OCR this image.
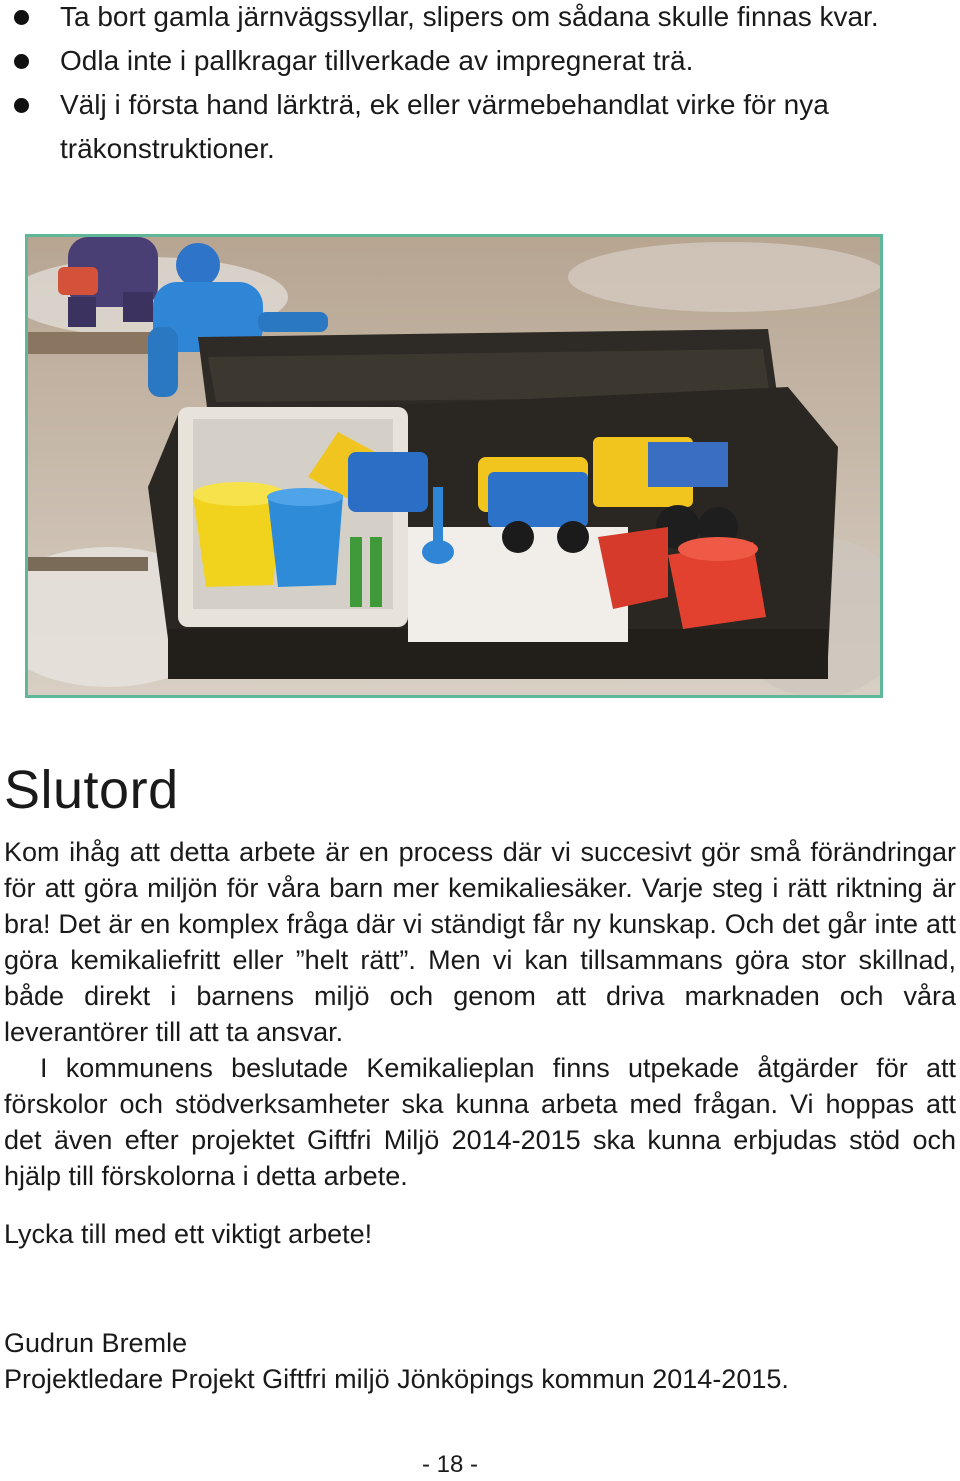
Ta bort gamla järnvägssyllar, slipers om sådana skulle finnas kvar.
Odla inte i pallkragar tillverkade av impregnerat trä.
Välj i första hand lärkträ, ek eller värmebehandlat virke för nya träkonstruktioner.
Slutord

Kom ihåg att detta arbete är en process där vi succesivt gör små förändringar för att göra miljön för våra barn mer kemikaliesäker. Varje steg i rätt riktning är bra! Det är en komplex fråga där vi ständigt får ny kunskap. Och det går inte att göra kemikaliefritt eller ”helt rätt”. Men vi kan tillsammans göra stor skillnad, både direkt i barnens miljö och genom att driva marknaden och våra leverantörer till att ta ansvar.

I kommunens beslutade Kemikalieplan finns utpekade åtgärder för att förskolor och stödverksamheter ska kunna arbeta med frågan. Vi hoppas att det även efter projektet Giftfri Miljö 2014-2015 ska kunna erbjudas stöd och hjälp till förskolorna i detta arbete.

Lycka till med ett viktigt arbete!

Gudrun Bremle

Projektledare Projekt Giftfri miljö Jönköpings kommun 2014-2015.

- 18 -
